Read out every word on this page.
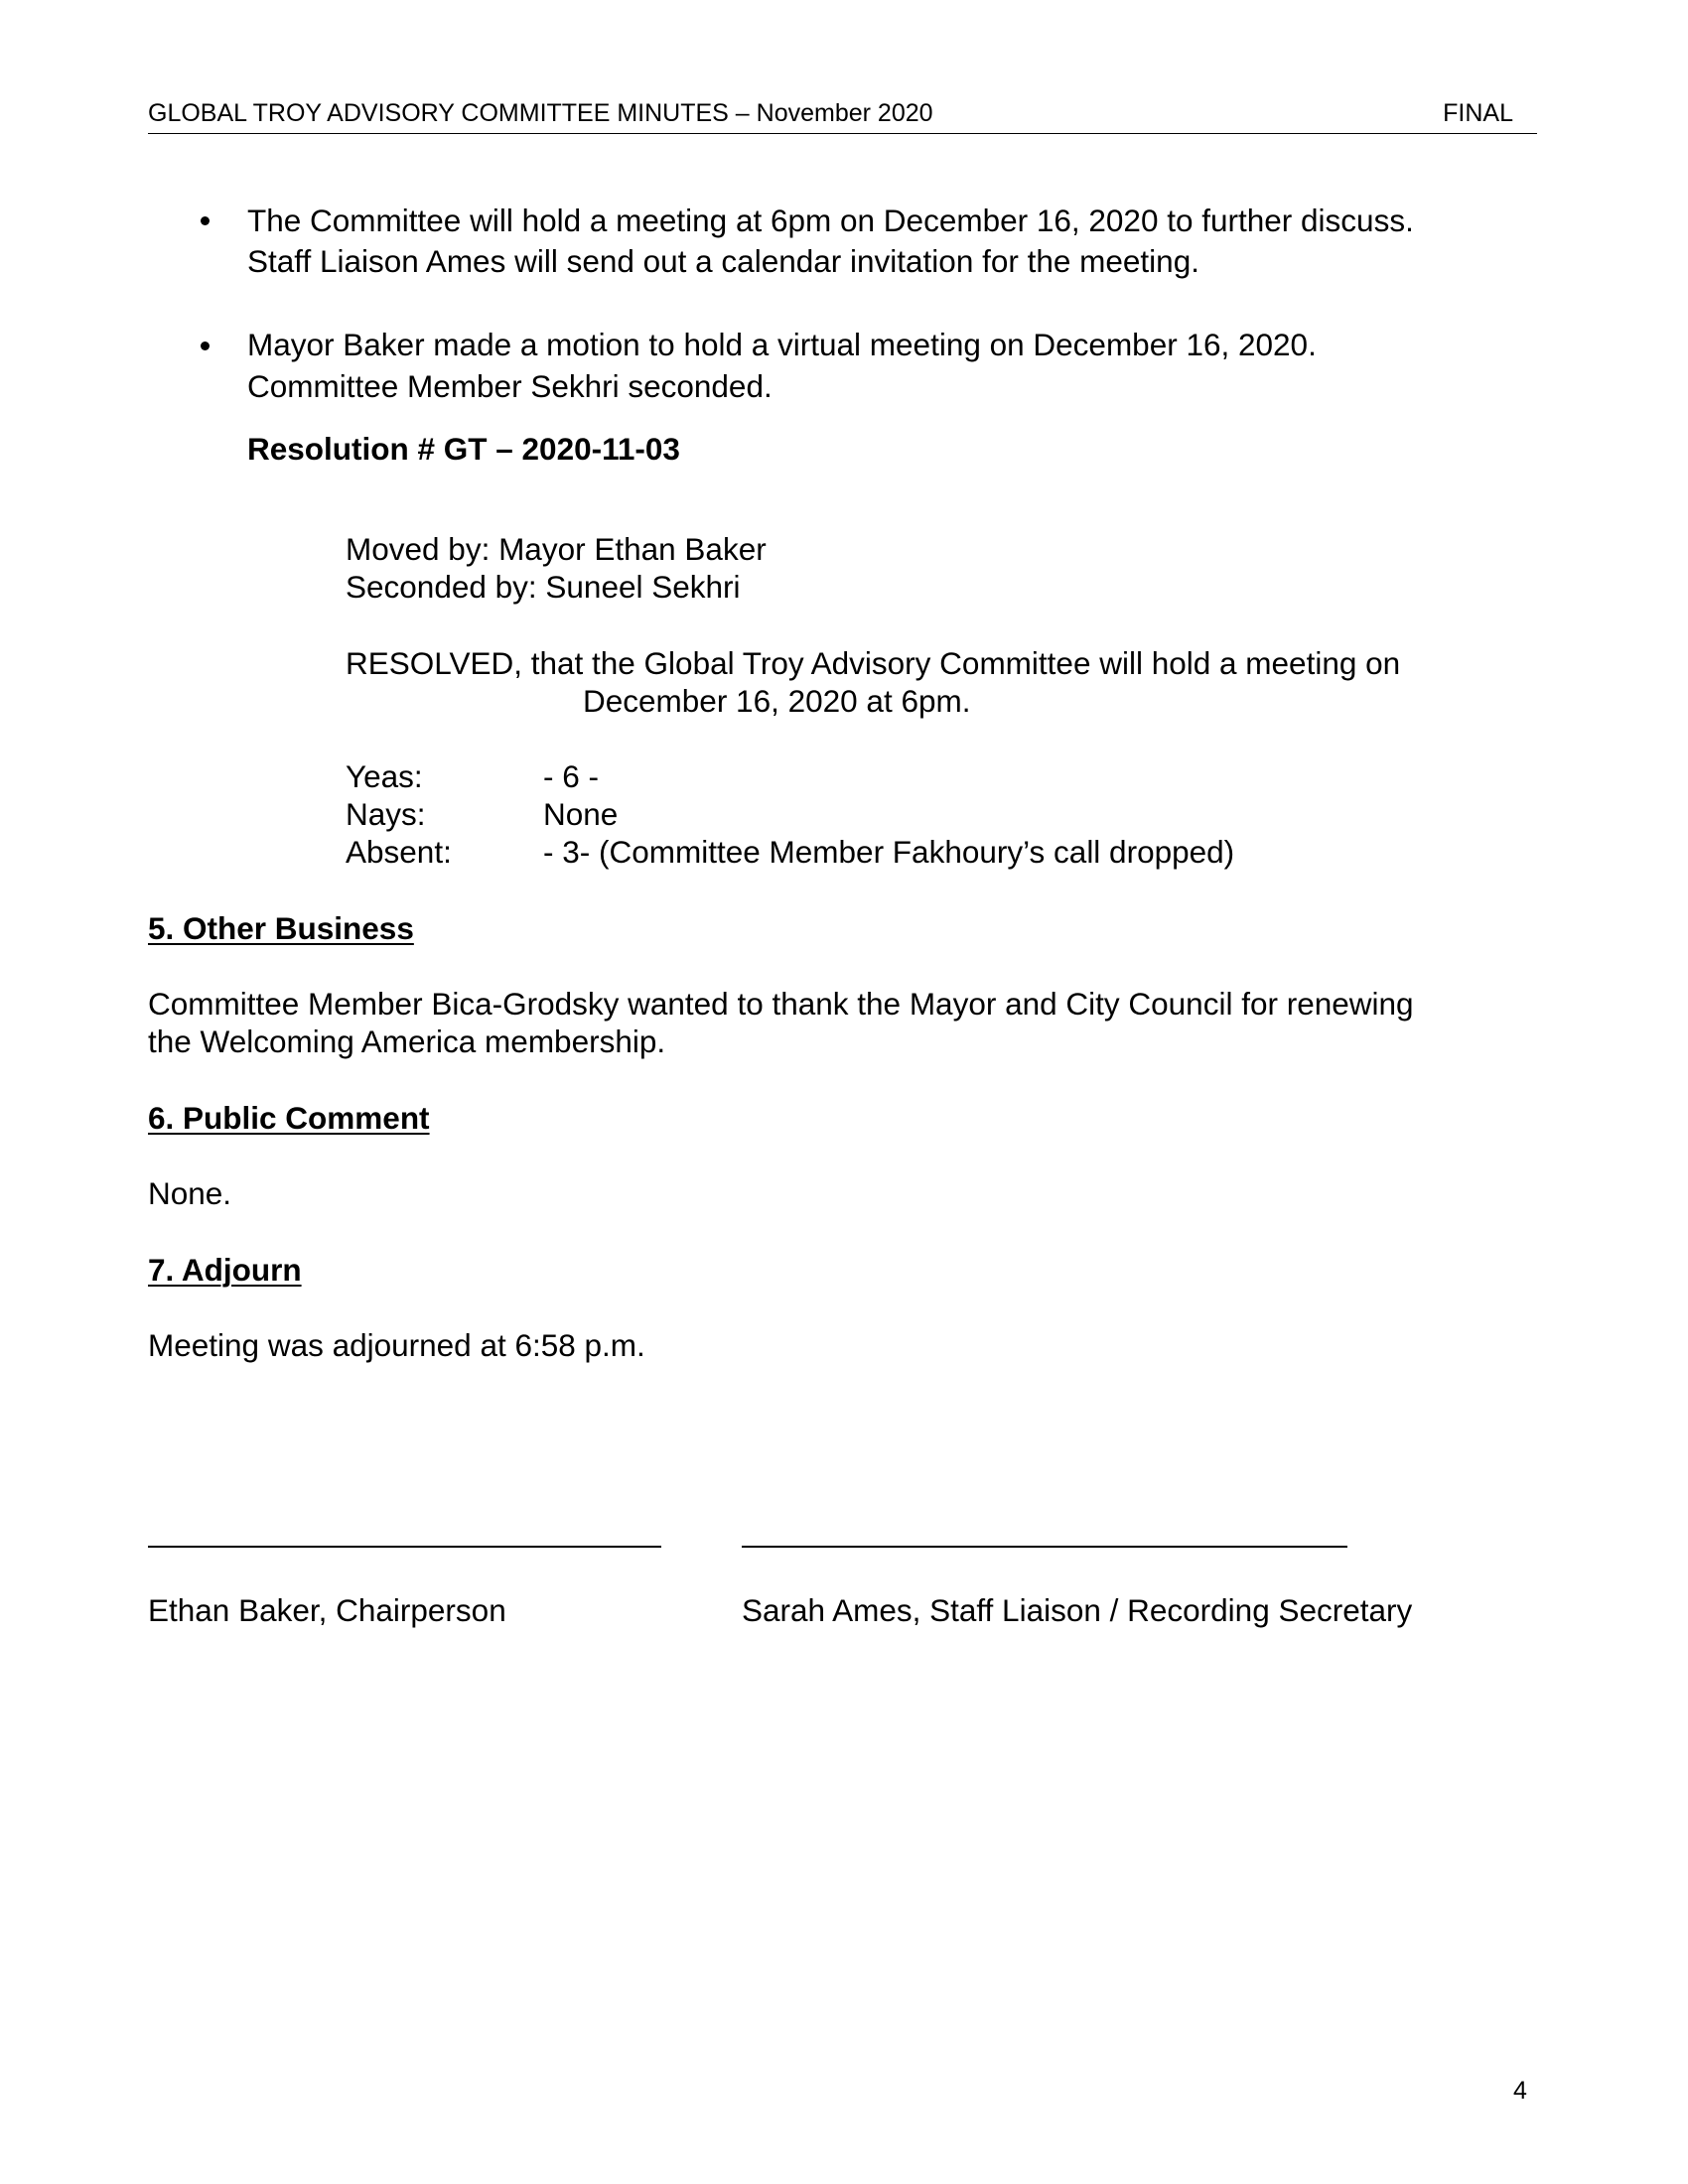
GLOBAL TROY ADVISORY COMMITTEE MINUTES – November 2020	FINAL
The Committee will hold a meeting at 6pm on December 16, 2020 to further discuss.
Staff Liaison Ames will send out a calendar invitation for the meeting.
Mayor Baker made a motion to hold a virtual meeting on December 16, 2020.
Committee Member Sekhri seconded.
Resolution # GT – 2020-11-03
Moved by: Mayor Ethan Baker
Seconded by: Suneel Sekhri
RESOLVED, that the Global Troy Advisory Committee will hold a meeting on
December 16, 2020 at 6pm.
Yeas:	- 6 -
Nays:	None
Absent:	- 3- (Committee Member Fakhoury’s call dropped)
5. Other Business
Committee Member Bica-Grodsky wanted to thank the Mayor and City Council for renewing
the Welcoming America membership.
6. Public Comment
None.
7. Adjourn
Meeting was adjourned at 6:58 p.m.
Ethan Baker, Chairperson	Sarah Ames, Staff Liaison / Recording Secretary
4
